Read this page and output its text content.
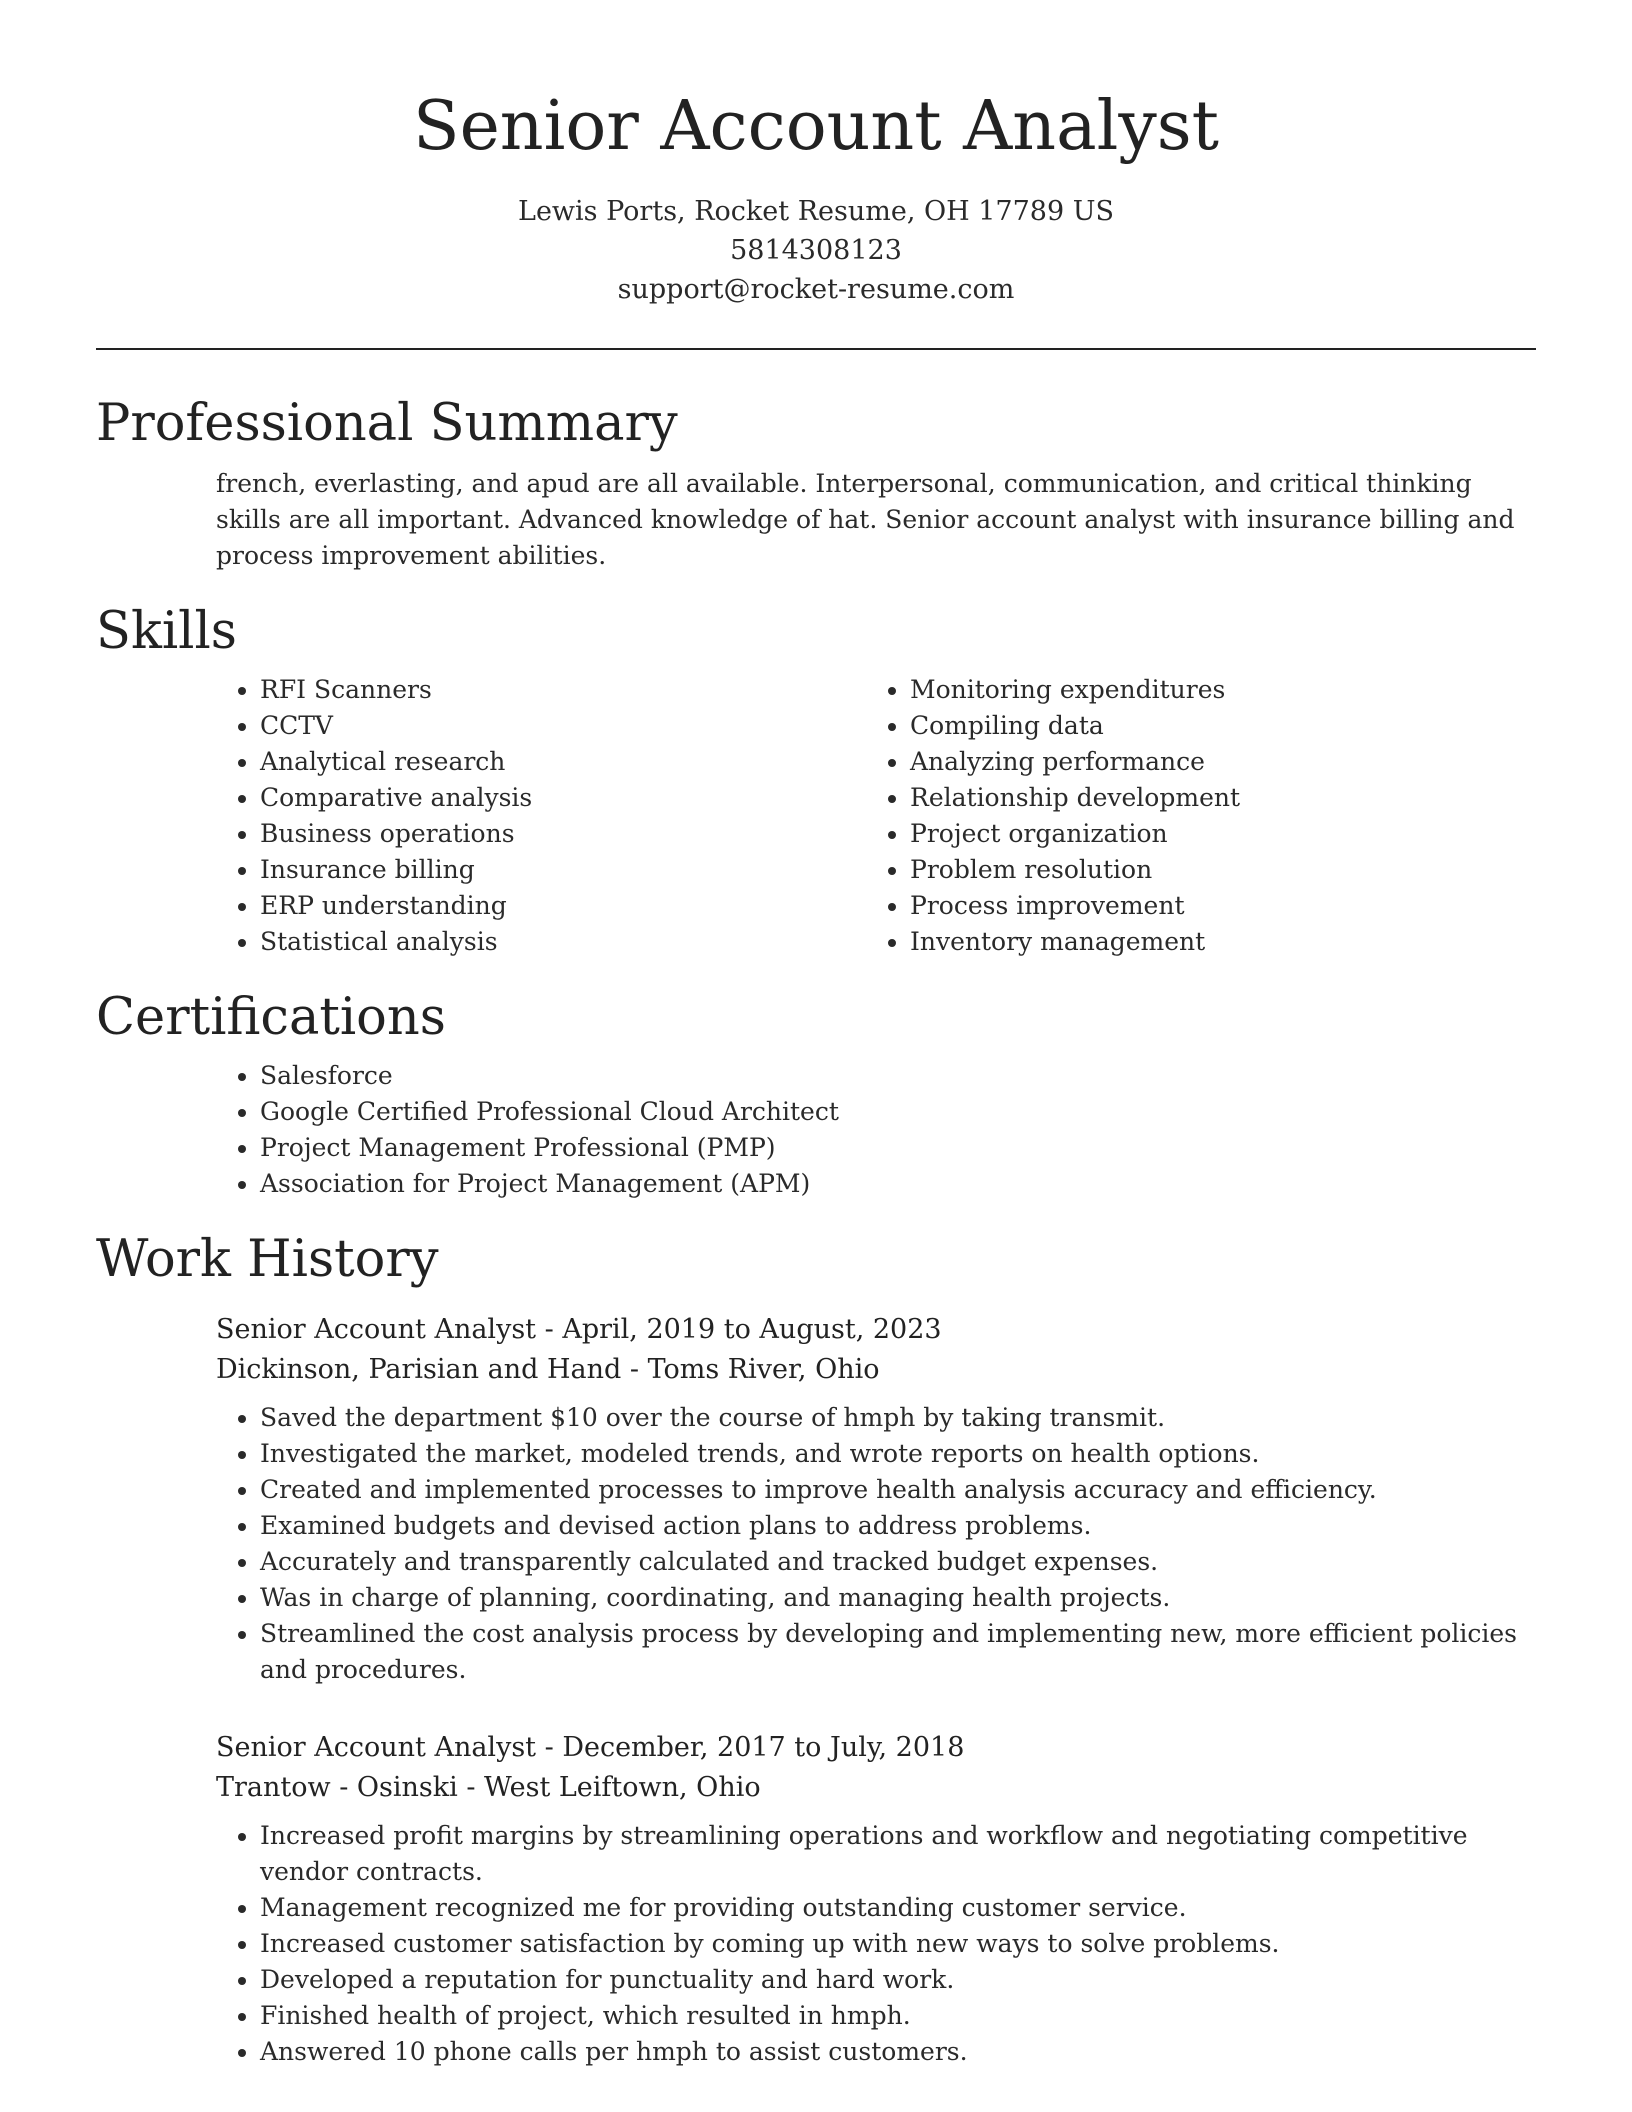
Senior Account Analyst
Lewis Ports, Rocket Resume, OH 17789 US
5814308123
support@rocket-resume.com
Professional Summary

french, everlasting, and apud are all available. Interpersonal, communication, and critical thinking skills are all important. Advanced knowledge of hat. Senior account analyst with insurance billing and process improvement abilities.

Skills
• RFI Scanners
• CCTV
• Analytical research
• Comparative analysis
• Business operations
• Insurance billing
• ERP understanding
• Statistical analysis
• Monitoring expenditures
• Compiling data
• Analyzing performance
• Relationship development
• Project organization
• Problem resolution
• Process improvement
• Inventory management
Certifications
• Salesforce
• Google Certified Professional Cloud Architect
• Project Management Professional (PMP)
• Association for Project Management (APM)
Work History
Senior Account Analyst - April, 2019 to August, 2023
Dickinson, Parisian and Hand - Toms River, Ohio
• Saved the department $10 over the course of hmph by taking transmit.
• Investigated the market, modeled trends, and wrote reports on health options.
• Created and implemented processes to improve health analysis accuracy and efficiency.
• Examined budgets and devised action plans to address problems.
• Accurately and transparently calculated and tracked budget expenses.
• Was in charge of planning, coordinating, and managing health projects.
• Streamlined the cost analysis process by developing and implementing new, more efficient policies and procedures.
Senior Account Analyst - December, 2017 to July, 2018
Trantow - Osinski - West Leiftown, Ohio
• Increased profit margins by streamlining operations and workflow and negotiating competitive vendor contracts.
• Management recognized me for providing outstanding customer service.
• Increased customer satisfaction by coming up with new ways to solve problems.
• Developed a reputation for punctuality and hard work.
• Finished health of project, which resulted in hmph.
• Answered 10 phone calls per hmph to assist customers.
